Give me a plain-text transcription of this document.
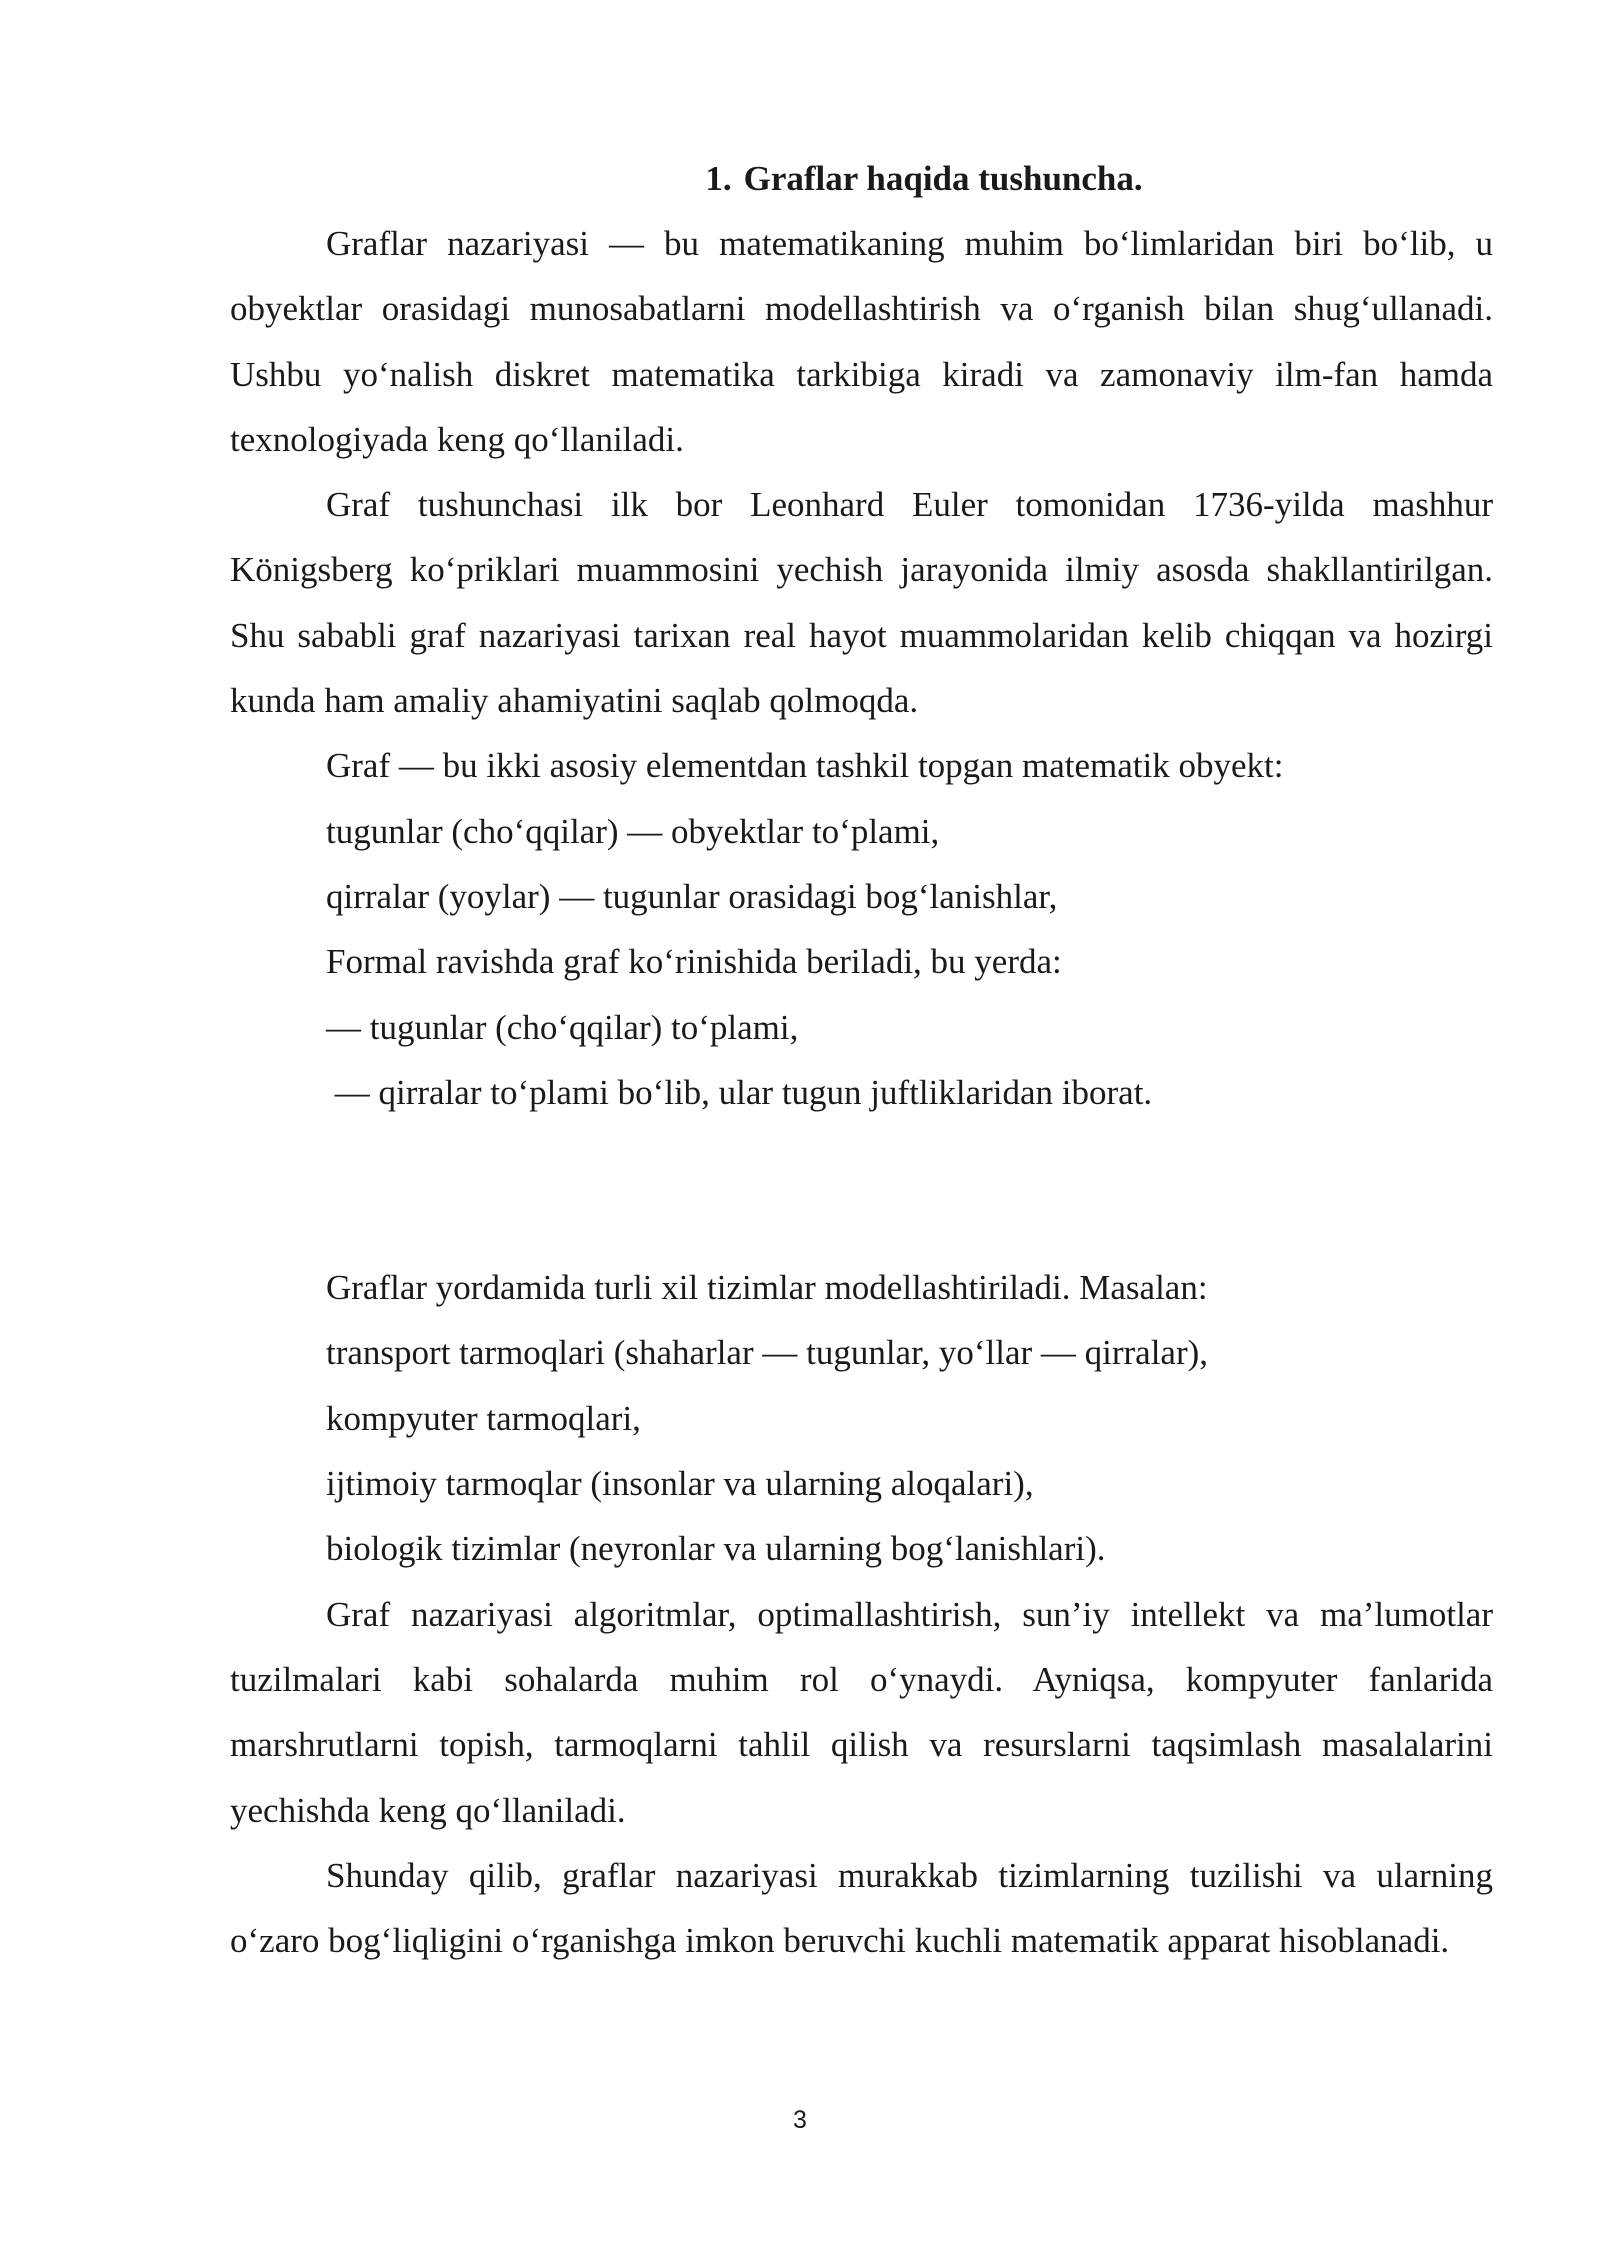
1. Graflar haqida tushuncha.

Graflar nazariyasi — bu matematikaning muhim bo‘limlaridan biri bo‘lib, u obyektlar orasidagi munosabatlarni modellashtirish va o‘rganish bilan shug‘ullanadi. Ushbu yo‘nalish diskret matematika tarkibiga kiradi va zamonaviy ilm-fan hamda texnologiyada keng qo‘llaniladi.

Graf tushunchasi ilk bor Leonhard Euler tomonidan 1736-yilda mashhur Königsberg ko‘priklari muammosini yechish jarayonida ilmiy asosda shakllantirilgan. Shu sababli graf nazariyasi tarixan real hayot muammolaridan kelib chiqqan va hozirgi kunda ham amaliy ahamiyatini saqlab qolmoqda.

Graf — bu ikki asosiy elementdan tashkil topgan matematik obyekt:

tugunlar (cho‘qqilar) — obyektlar to‘plami,

qirralar (yoylar) — tugunlar orasidagi bog‘lanishlar,

Formal ravishda graf ko‘rinishida beriladi, bu yerda:

— tugunlar (cho‘qqilar) to‘plami,

— qirralar to‘plami bo‘lib, ular tugun juftliklaridan iborat.

Graflar yordamida turli xil tizimlar modellashtiriladi. Masalan:

transport tarmoqlari (shaharlar — tugunlar, yo‘llar — qirralar),

kompyuter tarmoqlari,

ijtimoiy tarmoqlar (insonlar va ularning aloqalari),

biologik tizimlar (neyronlar va ularning bog‘lanishlari).

Graf nazariyasi algoritmlar, optimallashtirish, sun’iy intellekt va ma’lumotlar tuzilmalari kabi sohalarda muhim rol o‘ynaydi. Ayniqsa, kompyuter fanlarida marshrutlarni topish, tarmoqlarni tahlil qilish va resurslarni taqsimlash masalalarini yechishda keng qo‘llaniladi.

Shunday qilib, graflar nazariyasi murakkab tizimlarning tuzilishi va ularning o‘zaro bog‘liqligini o‘rganishga imkon beruvchi kuchli matematik apparat hisoblanadi.

3
